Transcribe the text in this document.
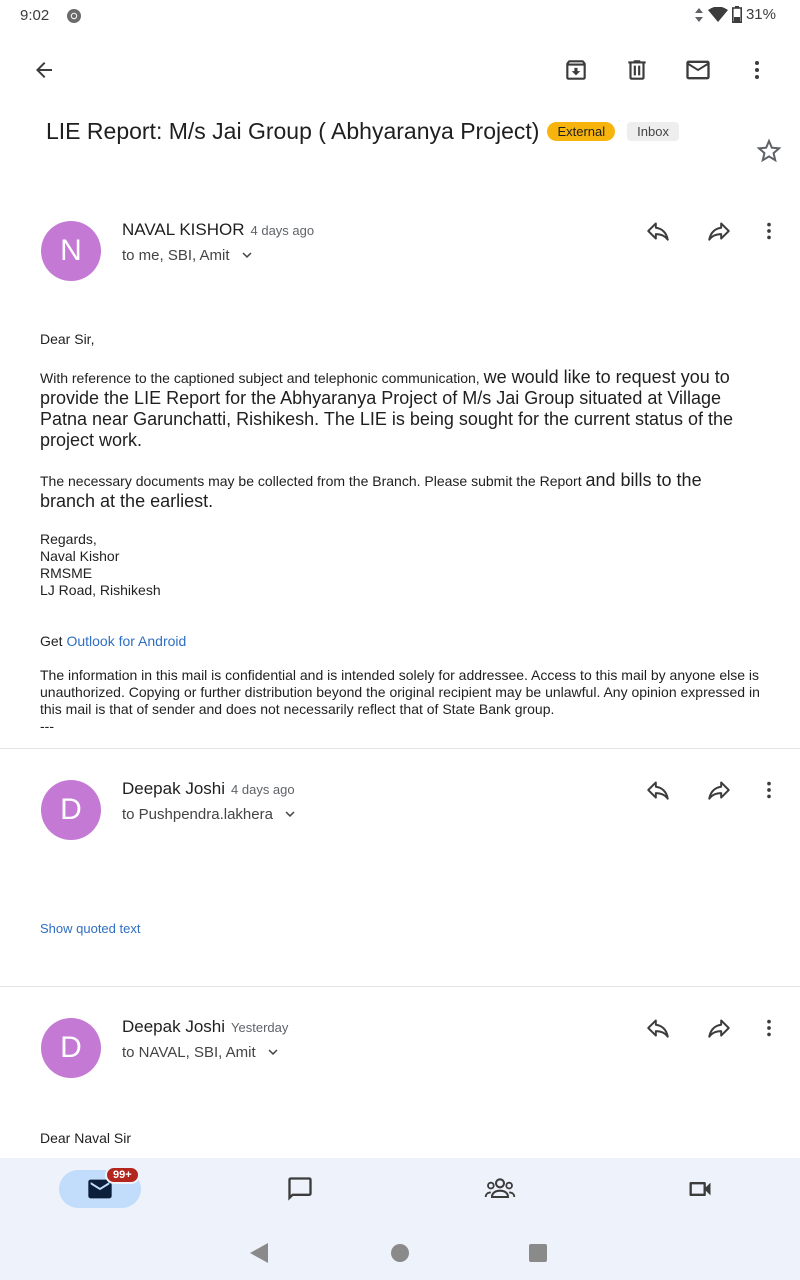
9:02	31%
LIE Report: M/s Jai Group ( Abhyaranya Project)	External	Inbox
N
NAVAL KISHOR 4 days ago
to me, SBI, Amit
Dear Sir,
With reference to the captioned subject and telephonic communication, we would like to request you to provide the LIE Report for the Abhyaranya Project of M/s Jai Group situated at Village Patna near Garunchatti, Rishikesh. The LIE is being sought for the current status of the project work.
The necessary documents may be collected from the Branch. Please submit the Report and bills to the branch at the earliest.
Regards,
Naval Kishor
RMSME
LJ Road, Rishikesh
Get Outlook for Android
The information in this mail is confidential and is intended solely for addressee. Access to this mail by anyone else is unauthorized. Copying or further distribution beyond the original recipient may be unlawful. Any opinion expressed in this mail is that of sender and does not necessarily reflect that of State Bank group.
---
D
Deepak Joshi 4 days ago
to Pushpendra.lakhera
Show quoted text
D
Deepak Joshi Yesterday
to NAVAL, SBI, Amit
Dear Naval Sir
99+
